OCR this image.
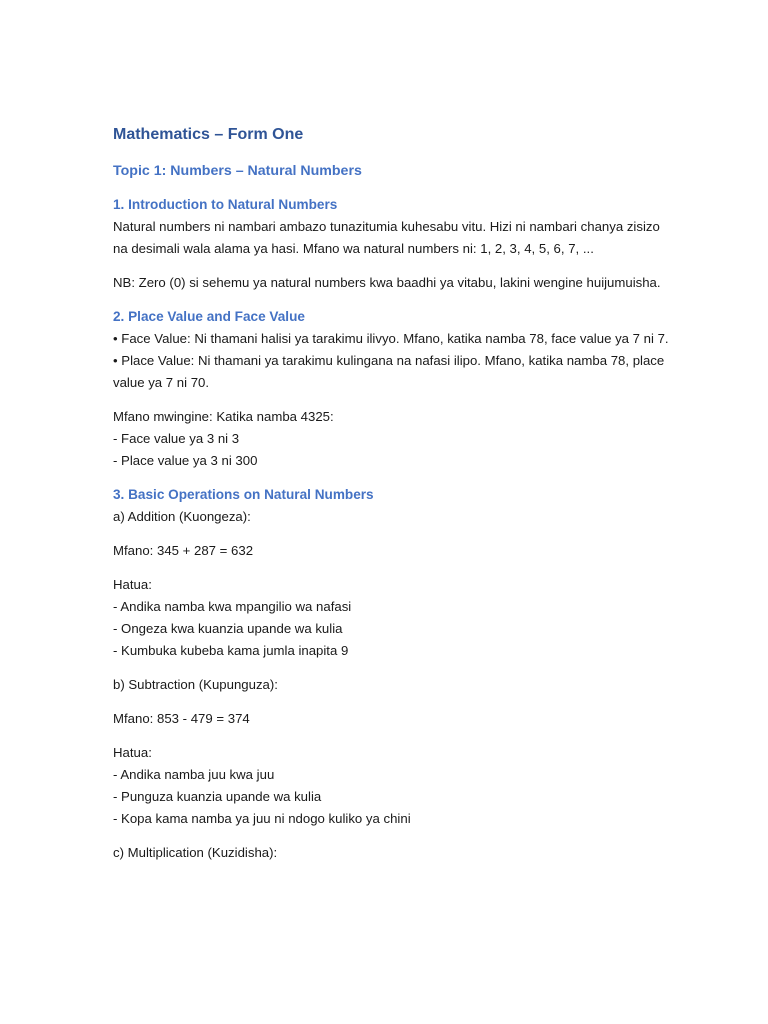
Mathematics – Form One
Topic 1: Numbers – Natural Numbers
1. Introduction to Natural Numbers

Natural numbers ni nambari ambazo tunazitumia kuhesabu vitu. Hizi ni nambari chanya zisizo na desimali wala alama ya hasi. Mfano wa natural numbers ni: 1, 2, 3, 4, 5, 6, 7, ...

NB: Zero (0) si sehemu ya natural numbers kwa baadhi ya vitabu, lakini wengine huijumuisha.

2. Place Value and Face Value
• Face Value: Ni thamani halisi ya tarakimu ilivyo. Mfano, katika namba 78, face value ya 7 ni 7.
• Place Value: Ni thamani ya tarakimu kulingana na nafasi ilipo. Mfano, katika namba 78, place value ya 7 ni 70.
Mfano mwingine: Katika namba 4325:
- Face value ya 3 ni 3
- Place value ya 3 ni 300
3. Basic Operations on Natural Numbers

a) Addition (Kuongeza):

Mfano: 345 + 287 = 632

Hatua:
- Andika namba kwa mpangilio wa nafasi
- Ongeza kwa kuanzia upande wa kulia
- Kumbuka kubeba kama jumla inapita 9

b) Subtraction (Kupunguza):

Mfano: 853 - 479 = 374

Hatua:
- Andika namba juu kwa juu
- Punguza kuanzia upande wa kulia
- Kopa kama namba ya juu ni ndogo kuliko ya chini

c) Multiplication (Kuzidisha):
